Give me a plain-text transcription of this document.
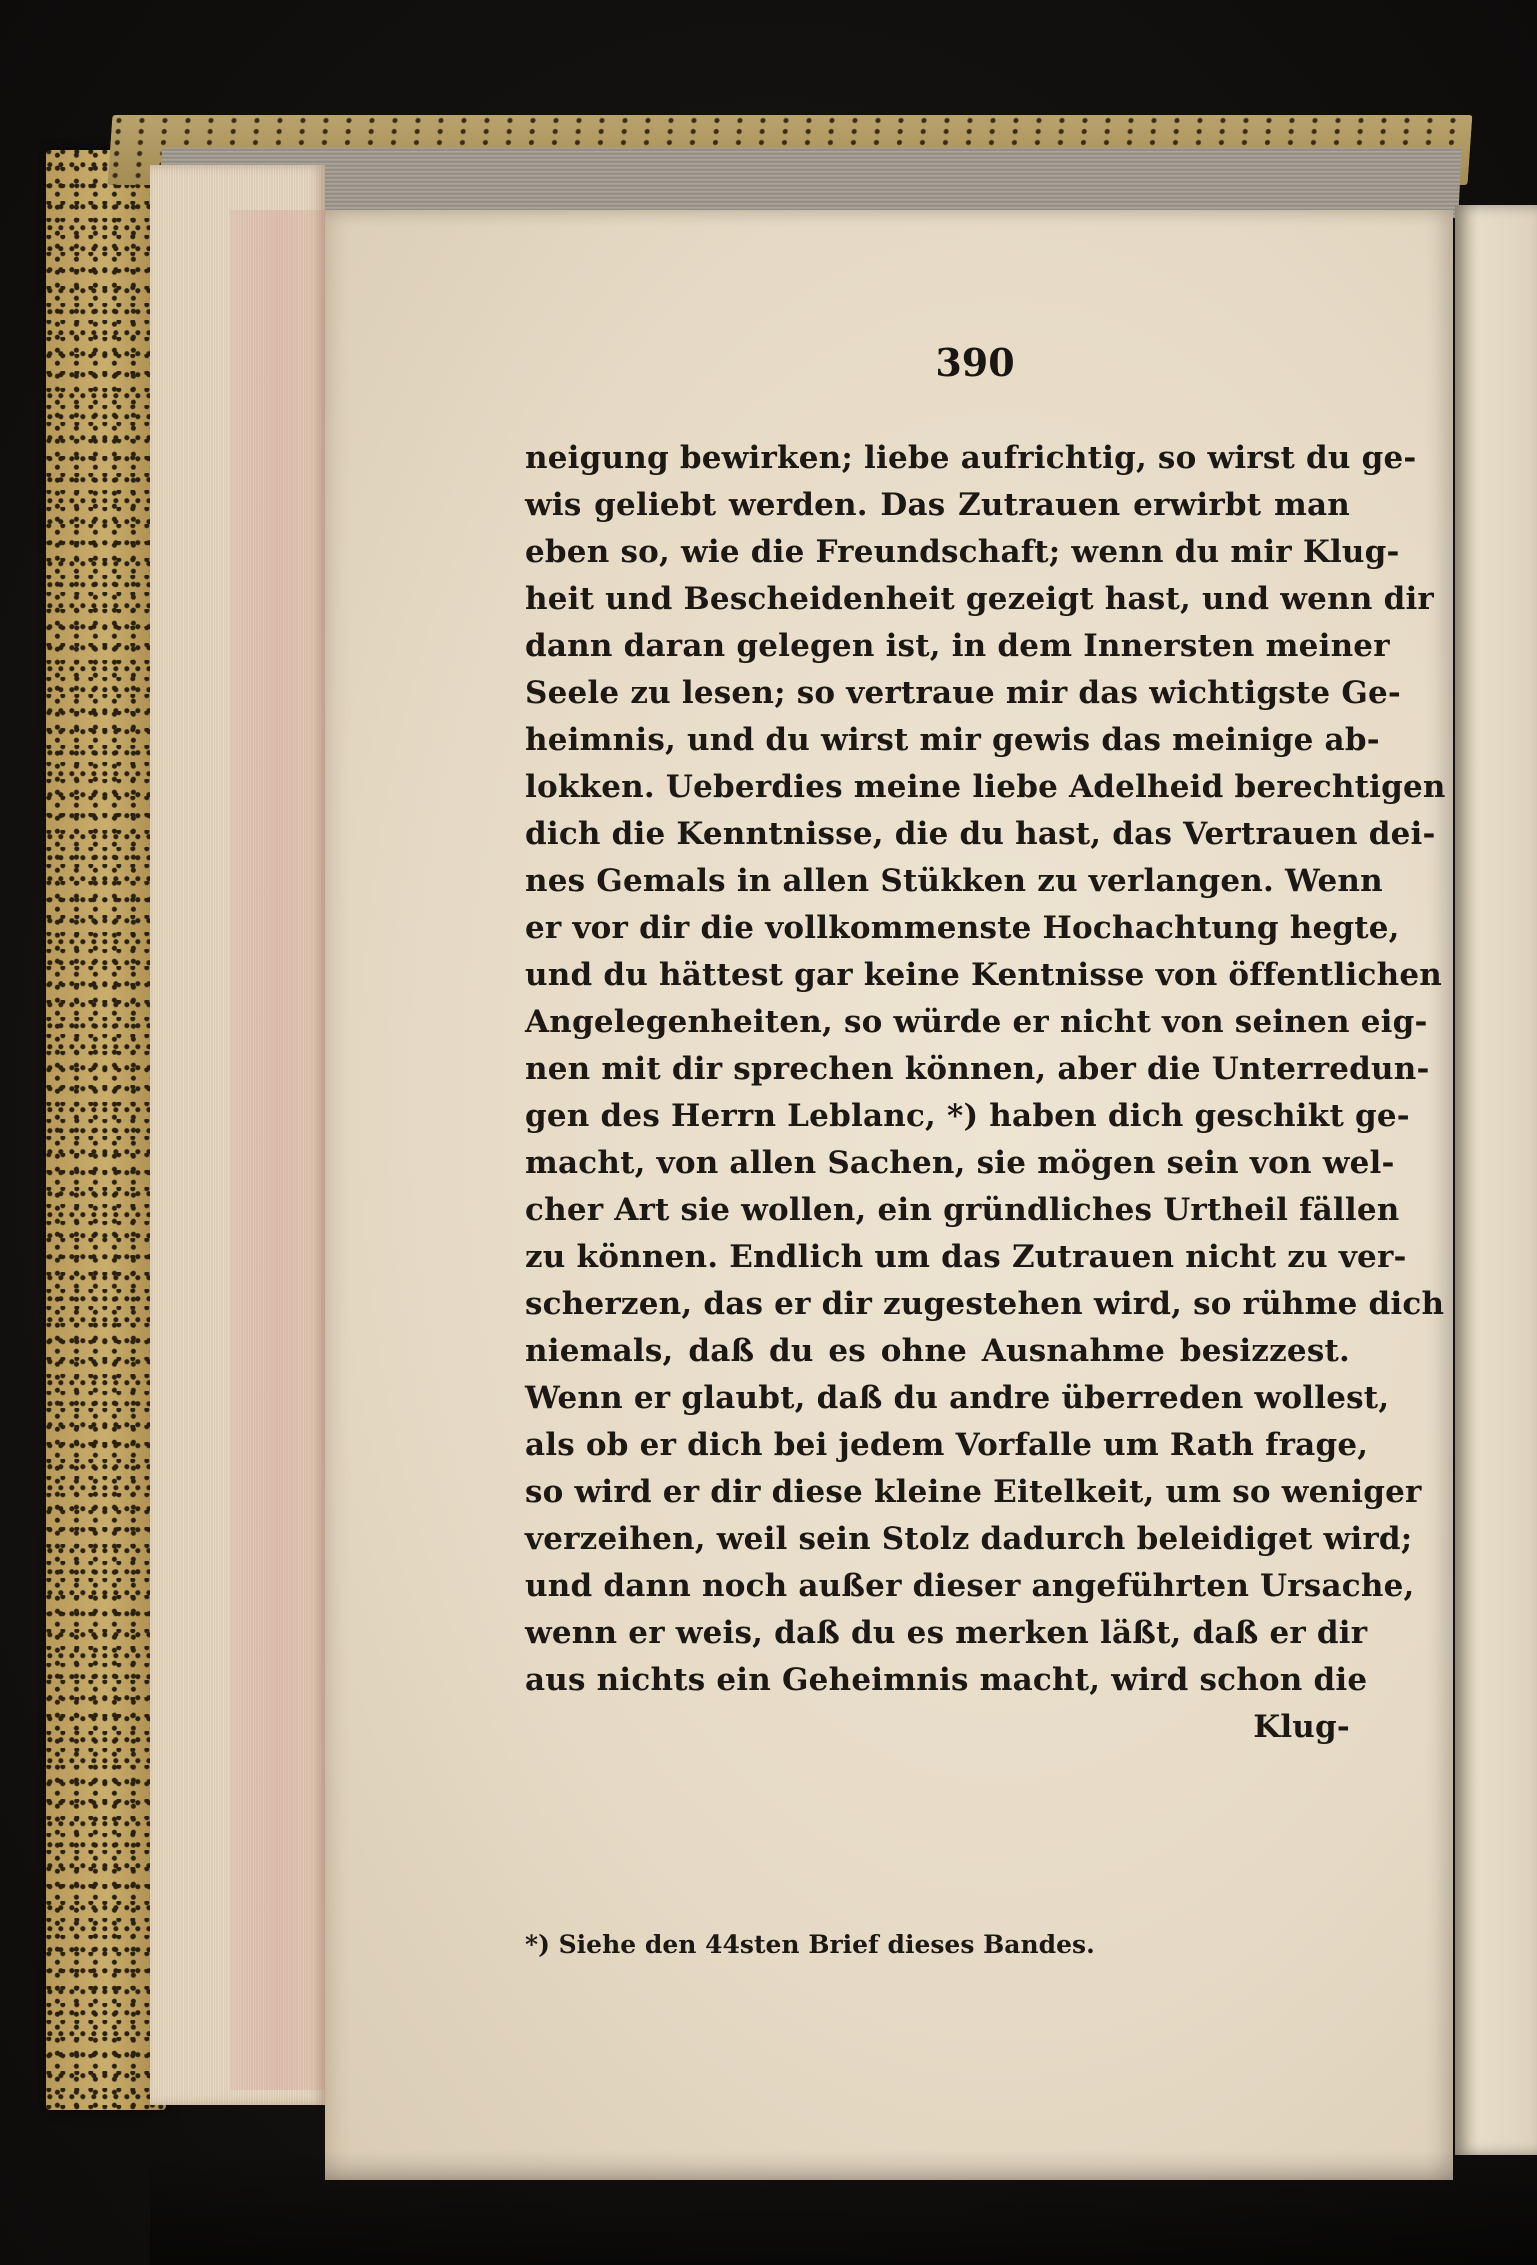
390
neigung bewirken; liebe aufrichtig, so wirst du ge-
wis geliebt werden. Das Zutrauen erwirbt man
eben so, wie die Freundschaft; wenn du mir Klug-
heit und Bescheidenheit gezeigt hast, und wenn dir
dann daran gelegen ist, in dem Innersten meiner
Seele zu lesen; so vertraue mir das wichtigste Ge-
heimnis, und du wirst mir gewis das meinige ab-
lokken. Ueberdies meine liebe Adelheid berechtigen
dich die Kenntnisse, die du hast, das Vertrauen dei-
nes Gemals in allen Stükken zu verlangen. Wenn
er vor dir die vollkommenste Hochachtung hegte,
und du hättest gar keine Kentnisse von öffentlichen
Angelegenheiten, so würde er nicht von seinen eig-
nen mit dir sprechen können, aber die Unterredun-
gen des Herrn Leblanc, *) haben dich geschikt ge-
macht, von allen Sachen, sie mögen sein von wel-
cher Art sie wollen, ein gründliches Urtheil fällen
zu können. Endlich um das Zutrauen nicht zu ver-
scherzen, das er dir zugestehen wird, so rühme dich
niemals, daß du es ohne Ausnahme besizzest.
Wenn er glaubt, daß du andre überreden wollest,
als ob er dich bei jedem Vorfalle um Rath frage,
so wird er dir diese kleine Eitelkeit, um so weniger
verzeihen, weil sein Stolz dadurch beleidiget wird;
und dann noch außer dieser angeführten Ursache,
wenn er weis, daß du es merken läßt, daß er dir
aus nichts ein Geheimnis macht, wird schon die
Klug-
*) Siehe den 44sten Brief dieses Bandes.
